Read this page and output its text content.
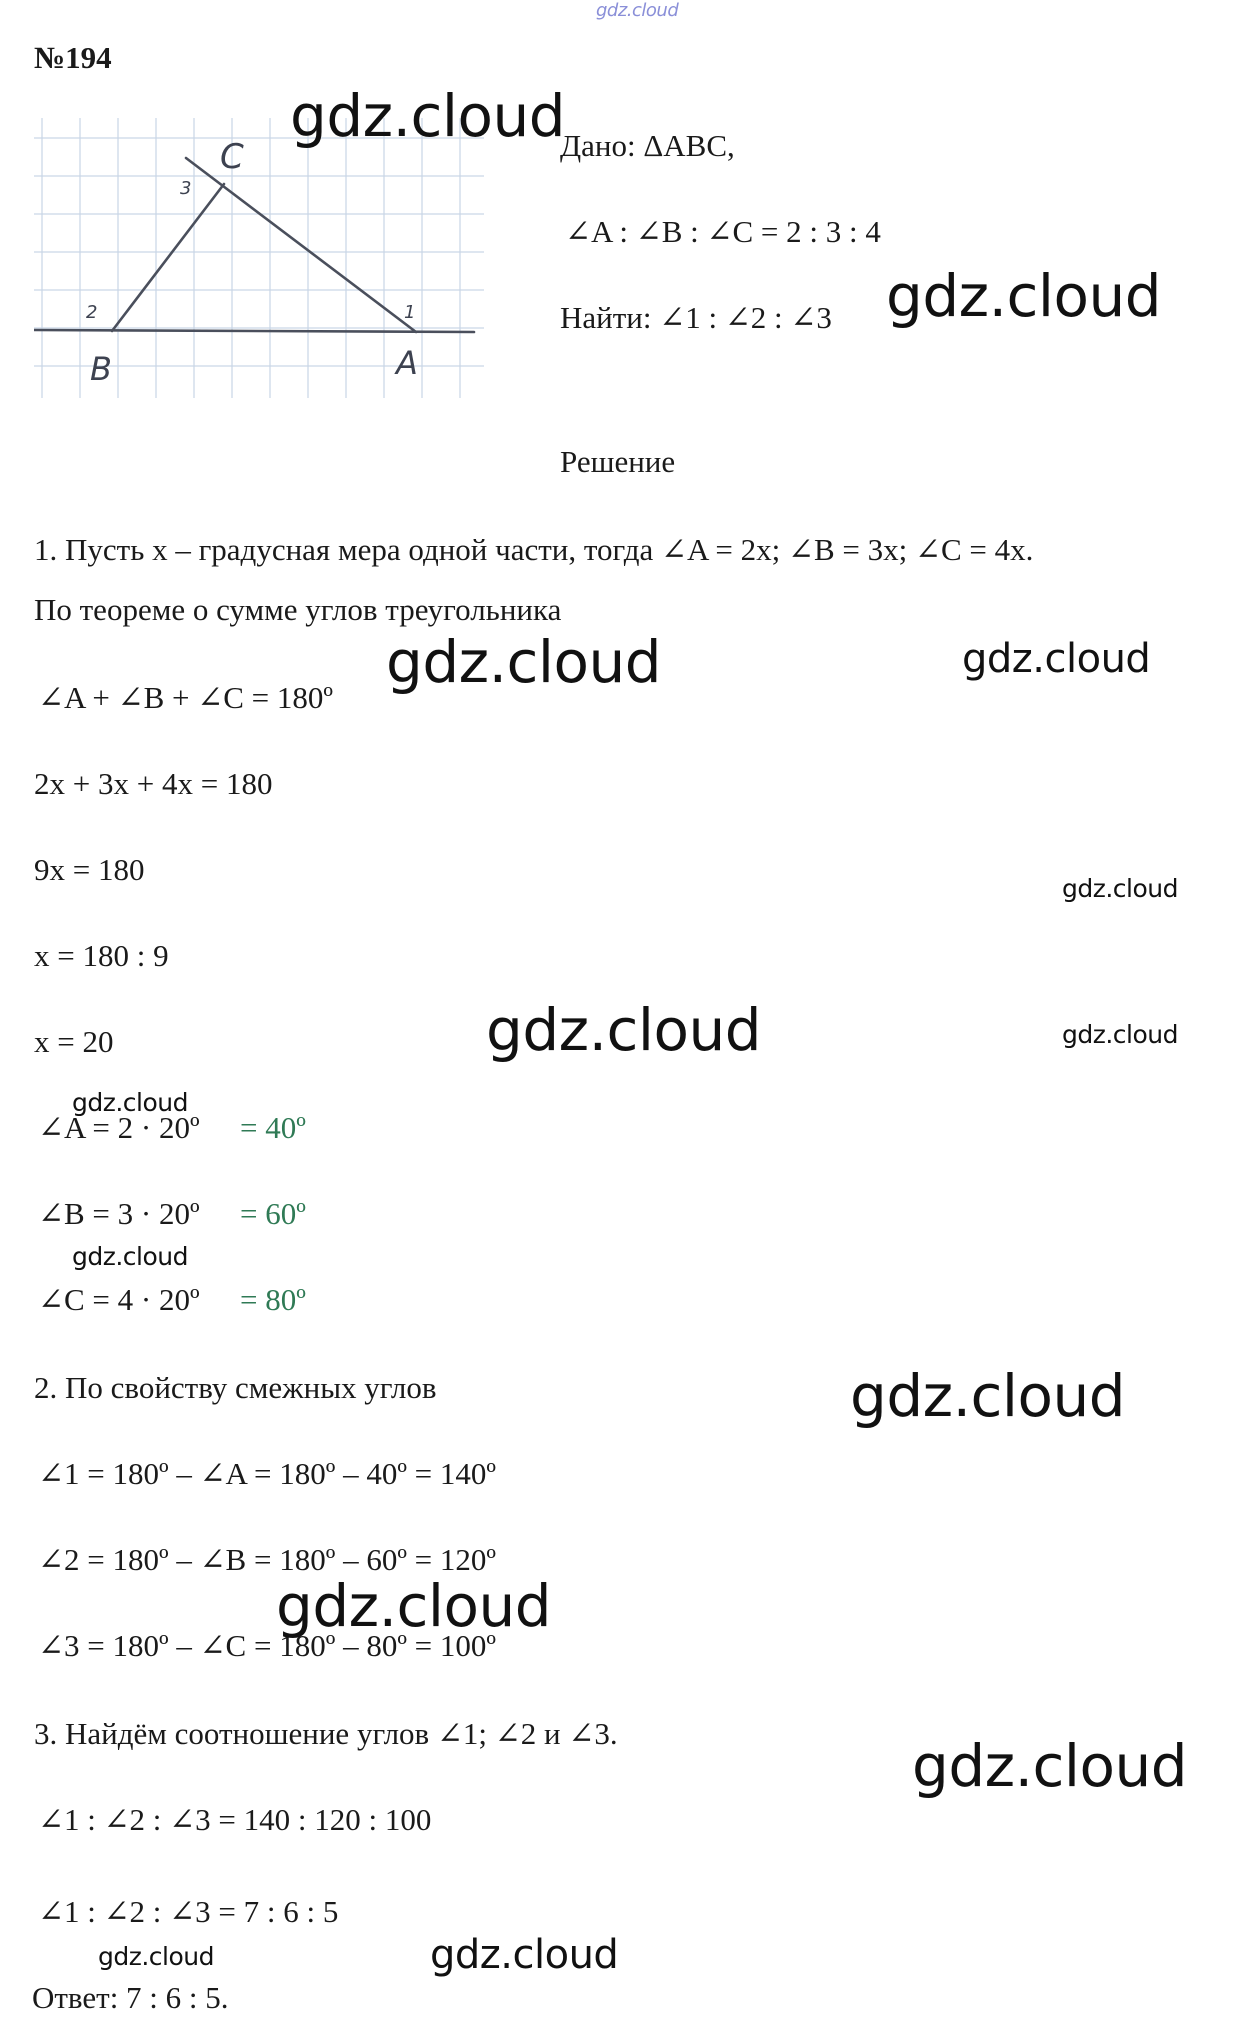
gdz.cloud
№194
C
3
2	1
B	A
Дано: ΔABC,
∠A : ∠B : ∠C = 2 : 3 : 4
Найти: ∠1 : ∠2 : ∠3
Решение
1. Пусть x – градусная мера одной части, тогда ∠A = 2x; ∠B = 3x; ∠C = 4x.
По теореме о сумме углов треугольника
∠A + ∠B + ∠C = 180º
2x + 3x + 4x = 180
9x = 180
x = 180 : 9
x = 20
∠A = 2 · 20º = 40º
∠B = 3 · 20º = 60º
∠C = 4 · 20º = 80º
2. По свойству смежных углов
∠1 = 180º – ∠A = 180º – 40º = 140º
∠2 = 180º – ∠B = 180º – 60º = 120º
∠3 = 180º – ∠C = 180º – 80º = 100º
3. Найдём соотношение углов ∠1; ∠2 и ∠3.
∠1 : ∠2 : ∠3 = 140 : 120 : 100
∠1 : ∠2 : ∠3 = 7 : 6 : 5
Ответ: 7 : 6 : 5.
gdz.cloud
gdz.cloud
gdz.cloud	gdz.cloud
gdz.cloud
gdz.cloud	gdz.cloud
gdz.cloud
gdz.cloud
gdz.cloud
gdz.cloud
gdz.cloud
gdz.cloud	gdz.cloud
